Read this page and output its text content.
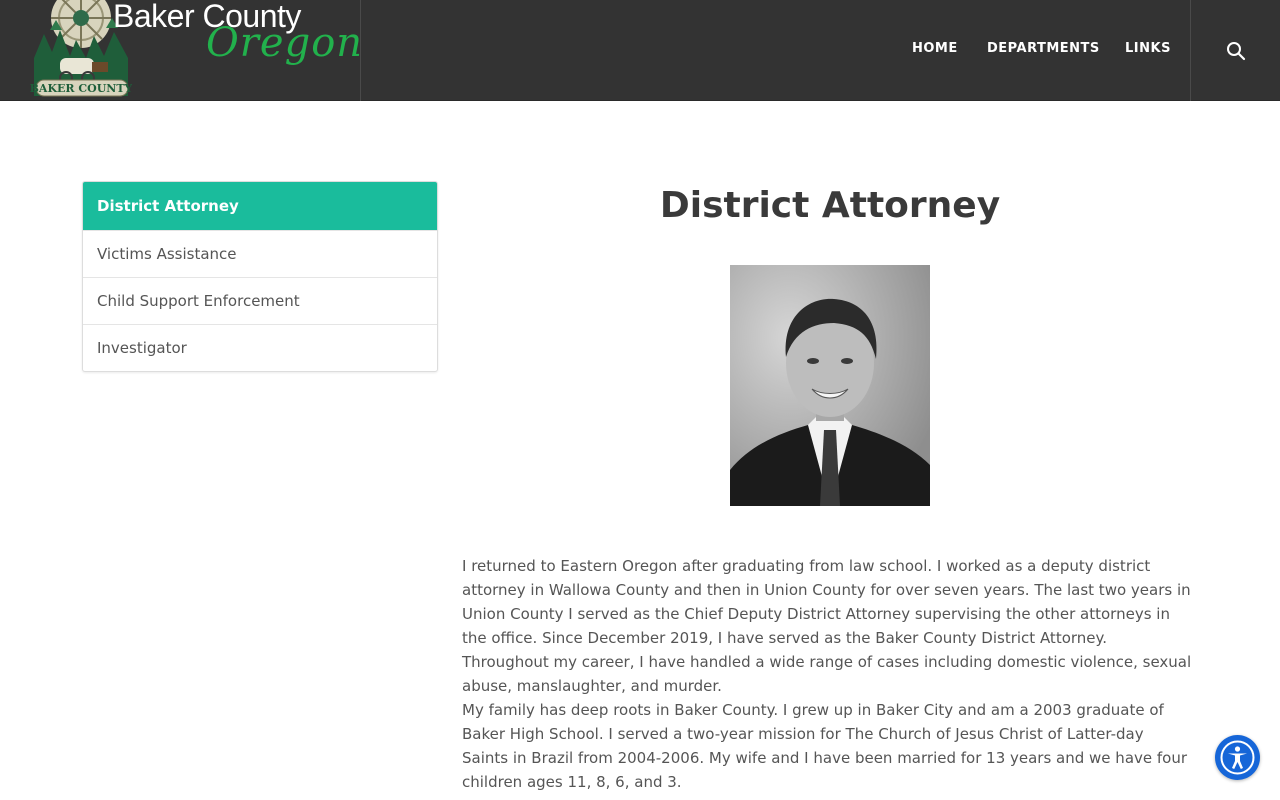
BAKER COUNTY
Baker County
Oregon	HOME DEPARTMENTS LINKS
District Attorney
Victims Assistance
Child Support Enforcement
Investigator
District Attorney

I returned to Eastern Oregon after graduating from law school. I worked as a deputy district attorney in Wallowa County and then in Union County for over seven years. The last two years in Union County I served as the Chief Deputy District Attorney supervising the other attorneys in the office. Since December 2019, I have served as the Baker County District Attorney. Throughout my career, I have handled a wide range of cases including domestic violence, sexual abuse, manslaughter, and murder.

My family has deep roots in Baker County. I grew up in Baker City and am a 2003 graduate of Baker High School. I served a two-year mission for The Church of Jesus Christ of Latter-day Saints in Brazil from 2004-2006. My wife and I have been married for 13 years and we have four children ages 11, 8, 6, and 3.
